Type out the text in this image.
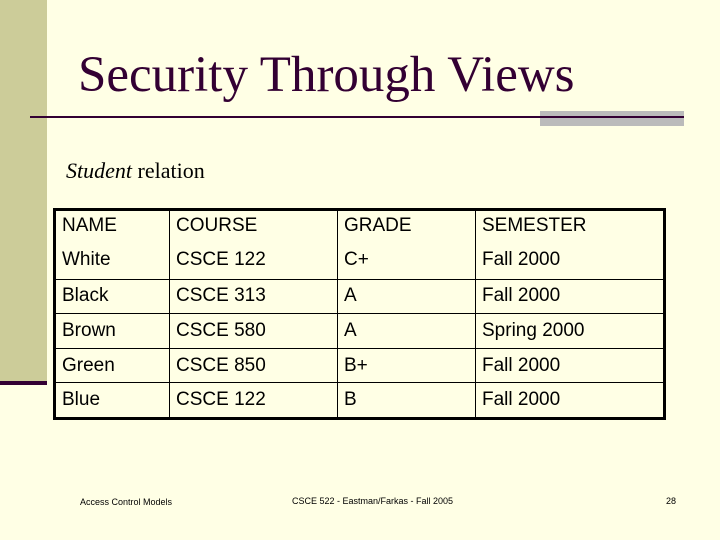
Security Through Views
Student relation
NAME	COURSE	GRADE	SEMESTER
White	CSCE 122	C+	Fall 2000
Black	CSCE 313	A	Fall 2000
Brown	CSCE 580	A	Spring 2000
Green	CSCE 850	B+	Fall 2000
Blue	CSCE 122	B	Fall 2000
Access Control Models	CSCE 522 - Eastman/Farkas - Fall 2005	28
